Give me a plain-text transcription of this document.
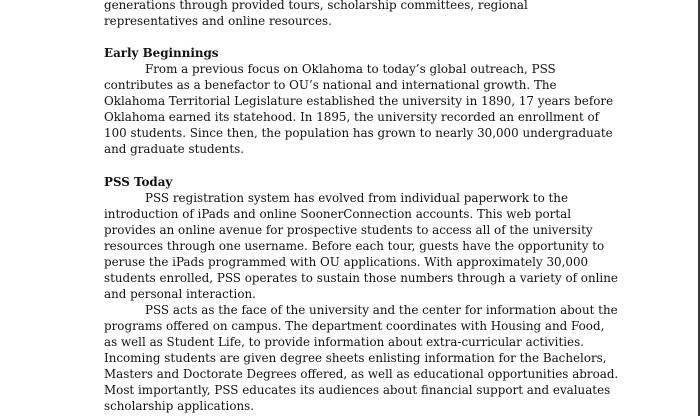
generations through provided tours, scholarship committees, regional
representatives and online resources.
Early Beginnings
From a previous focus on Oklahoma to today’s global outreach, PSS
contributes as a benefactor to OU’s national and international growth. The
Oklahoma Territorial Legislature established the university in 1890, 17 years before
Oklahoma earned its statehood. In 1895, the university recorded an enrollment of
100 students. Since then, the population has grown to nearly 30,000 undergraduate
and graduate students.
PSS Today
PSS registration system has evolved from individual paperwork to the
introduction of iPads and online SoonerConnection accounts. This web portal
provides an online avenue for prospective students to access all of the university
resources through one username. Before each tour, guests have the opportunity to
peruse the iPads programmed with OU applications. With approximately 30,000
students enrolled, PSS operates to sustain those numbers through a variety of online
and personal interaction.
PSS acts as the face of the university and the center for information about the
programs offered on campus. The department coordinates with Housing and Food,
as well as Student Life, to provide information about extra-curricular activities.
Incoming students are given degree sheets enlisting information for the Bachelors,
Masters and Doctorate Degrees offered, as well as educational opportunities abroad.
Most importantly, PSS educates its audiences about financial support and evaluates
scholarship applications.
